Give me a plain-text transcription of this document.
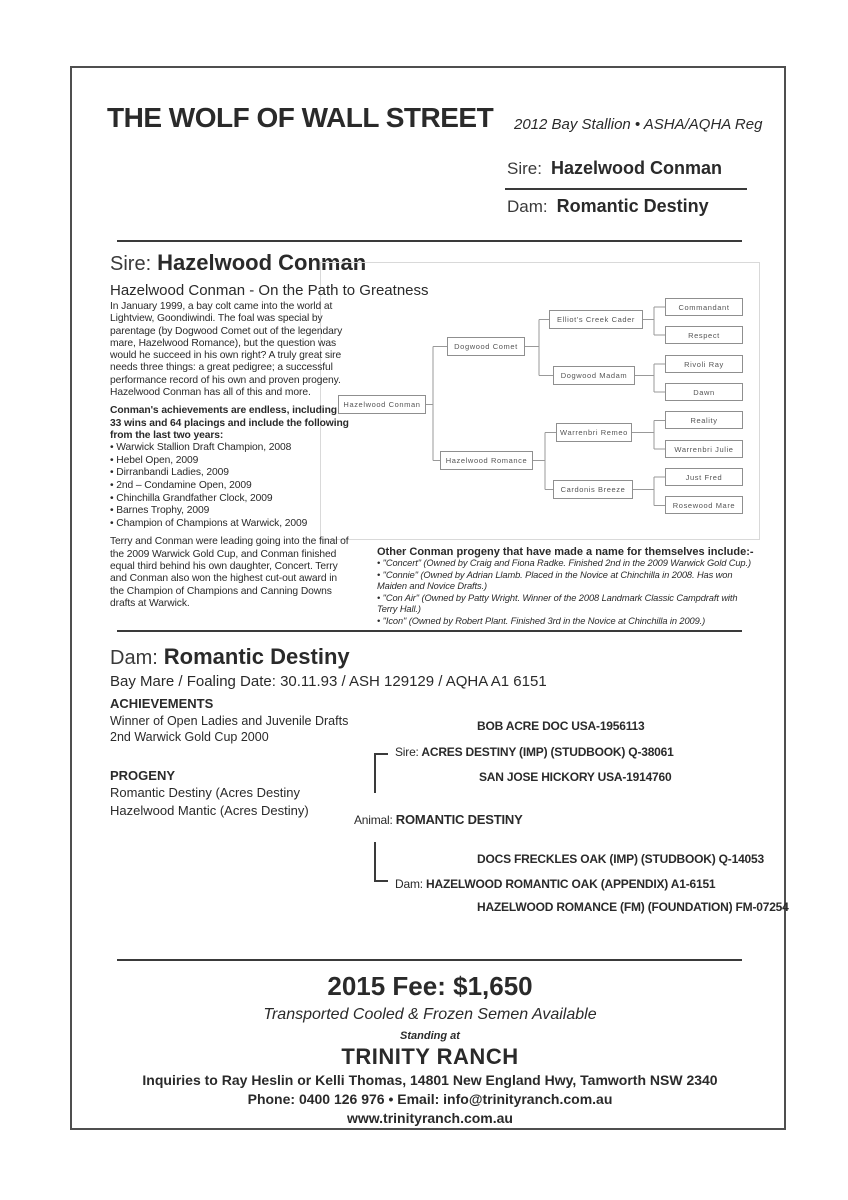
THE WOLF OF WALL STREET 2012 Bay Stallion • ASHA/AQHA Reg
Sire: Hazelwood Conman
Dam: Romantic Destiny
Sire: Hazelwood Conman
Hazelwood Conman
Dogwood Comet
Hazelwood Romance
Elliot's Creek Cader
Dogwood Madam
Warrenbri Remeo
Cardonis Breeze
Commandant
Respect
Rivoli Ray
Dawn
Reality
Warrenbri Julie
Just Fred
Rosewood Mare
Hazelwood Conman - On the Path to Greatness

In January 1999, a bay colt came into the world at Lightview, Goondiwindi. The foal was special by parentage (by Dogwood Comet out of the legendary mare, Hazelwood Romance), but the question was would he succeed in his own right? A truly great sire needs three things: a great pedigree; a successful performance record of his own and proven progeny. Hazelwood Conman has all of this and more.

Conman's achievements are endless, including 33 wins and 64 placings and include the following from the last two years:

• Warwick Stallion Draft Champion, 2008
• Hebel Open, 2009
• Dirranbandi Ladies, 2009
• 2nd – Condamine Open, 2009
• Chinchilla Grandfather Clock, 2009
• Barnes Trophy, 2009
• Champion of Champions at Warwick, 2009

Terry and Conman were leading going into the final of the 2009 Warwick Gold Cup, and Conman finished equal third behind his own daughter, Concert. Terry and Conman also won the highest cut-out award in the Champion of Champions and Canning Downs drafts at Warwick.

Other Conman progeny that have made a name for themselves include:-
• "Concert" (Owned by Craig and Fiona Radke. Finished 2nd in the 2009 Warwick Gold Cup.)
• "Connie" (Owned by Adrian Llamb. Placed in the Novice at Chinchilla in 2008. Has won Maiden and Novice Drafts.)
• "Con Air" (Owned by Patty Wright. Winner of the 2008 Landmark Classic Campdraft with Terry Hall.)
• "Icon" (Owned by Robert Plant. Finished 3rd in the Novice at Chinchilla in 2009.)
Dam: Romantic Destiny
Bay Mare / Foaling Date: 30.11.93 / ASH 129129 / AQHA A1 6151
ACHIEVEMENTS
Winner of Open Ladies and Juvenile Drafts
2nd Warwick Gold Cup 2000
PROGENY
Romantic Destiny (Acres Destiny
Hazelwood Mantic (Acres Destiny)
BOB ACRE DOC USA-1956113
Sire: ACRES DESTINY (IMP) (STUDBOOK) Q-38061
SAN JOSE HICKORY USA-1914760
Animal: ROMANTIC DESTINY
DOCS FRECKLES OAK (IMP) (STUDBOOK) Q-14053
Dam: HAZELWOOD ROMANTIC OAK (APPENDIX) A1-6151
HAZELWOOD ROMANCE (FM) (FOUNDATION) FM-07254
2015 Fee: $1,650
Transported Cooled & Frozen Semen Available
Standing at
TRINITY RANCH
Inquiries to Ray Heslin or Kelli Thomas, 14801 New England Hwy, Tamworth NSW 2340
Phone: 0400 126 976 • Email: info@trinityranch.com.au
www.trinityranch.com.au
